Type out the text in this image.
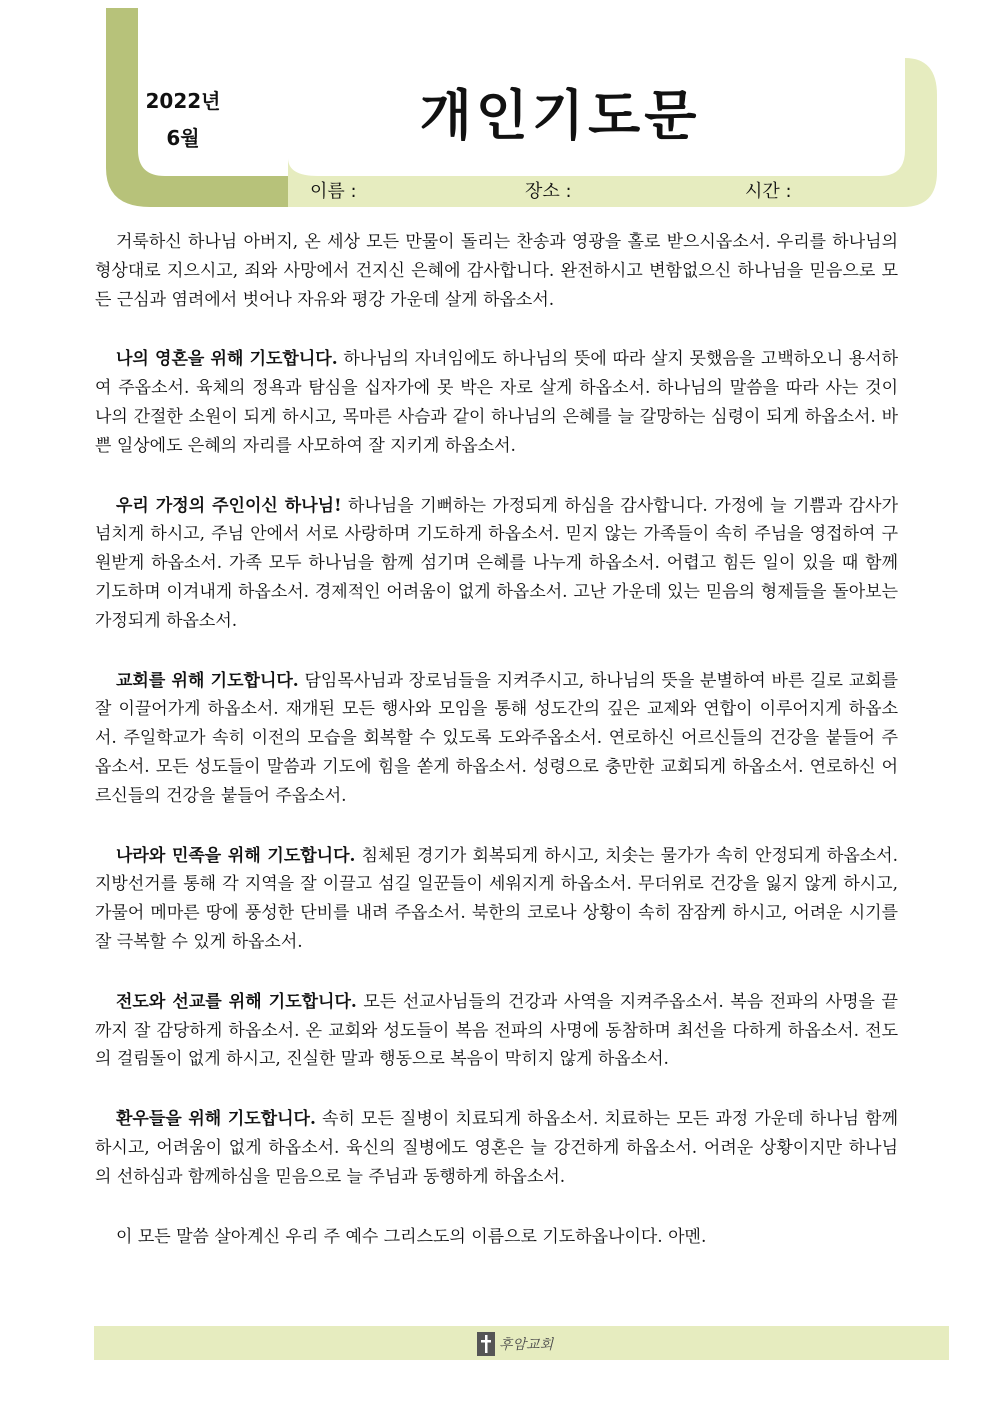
2022년
6월	개인기도문
이름 :	장소 :	시간 :

거룩하신 하나님 아버지, 온 세상 모든 만물이 돌리는 찬송과 영광을 홀로 받으시옵소서. 우리를 하나님의 형상대로 지으시고, 죄와 사망에서 건지신 은혜에 감사합니다. 완전하시고 변함없으신 하나님을 믿음으로 모든 근심과 염려에서 벗어나 자유와 평강 가운데 살게 하옵소서.

나의 영혼을 위해 기도합니다. 하나님의 자녀임에도 하나님의 뜻에 따라 살지 못했음을 고백하오니 용서하여 주옵소서. 육체의 정욕과 탐심을 십자가에 못 박은 자로 살게 하옵소서. 하나님의 말씀을 따라 사는 것이 나의 간절한 소원이 되게 하시고, 목마른 사슴과 같이 하나님의 은혜를 늘 갈망하는 심령이 되게 하옵소서. 바쁜 일상에도 은혜의 자리를 사모하여 잘 지키게 하옵소서.

우리 가정의 주인이신 하나님! 하나님을 기뻐하는 가정되게 하심을 감사합니다. 가정에 늘 기쁨과 감사가 넘치게 하시고, 주님 안에서 서로 사랑하며 기도하게 하옵소서. 믿지 않는 가족들이 속히 주님을 영접하여 구원받게 하옵소서. 가족 모두 하나님을 함께 섬기며 은혜를 나누게 하옵소서. 어렵고 힘든 일이 있을 때 함께 기도하며 이겨내게 하옵소서. 경제적인 어려움이 없게 하옵소서. 고난 가운데 있는 믿음의 형제들을 돌아보는 가정되게 하옵소서.

교회를 위해 기도합니다. 담임목사님과 장로님들을 지켜주시고, 하나님의 뜻을 분별하여 바른 길로 교회를 잘 이끌어가게 하옵소서. 재개된 모든 행사와 모임을 통해 성도간의 깊은 교제와 연합이 이루어지게 하옵소서. 주일학교가 속히 이전의 모습을 회복할 수 있도록 도와주옵소서. 연로하신 어르신들의 건강을 붙들어 주옵소서. 모든 성도들이 말씀과 기도에 힘을 쏟게 하옵소서. 성령으로 충만한 교회되게 하옵소서. 연로하신 어르신들의 건강을 붙들어 주옵소서.

나라와 민족을 위해 기도합니다. 침체된 경기가 회복되게 하시고, 치솟는 물가가 속히 안정되게 하옵소서. 지방선거를 통해 각 지역을 잘 이끌고 섬길 일꾼들이 세워지게 하옵소서. 무더위로 건강을 잃지 않게 하시고, 가물어 메마른 땅에 풍성한 단비를 내려 주옵소서. 북한의 코로나 상황이 속히 잠잠케 하시고, 어려운 시기를 잘 극복할 수 있게 하옵소서.

전도와 선교를 위해 기도합니다. 모든 선교사님들의 건강과 사역을 지켜주옵소서. 복음 전파의 사명을 끝까지 잘 감당하게 하옵소서. 온 교회와 성도들이 복음 전파의 사명에 동참하며 최선을 다하게 하옵소서. 전도의 걸림돌이 없게 하시고, 진실한 말과 행동으로 복음이 막히지 않게 하옵소서.

환우들을 위해 기도합니다. 속히 모든 질병이 치료되게 하옵소서. 치료하는 모든 과정 가운데 하나님 함께 하시고, 어려움이 없게 하옵소서. 육신의 질병에도 영혼은 늘 강건하게 하옵소서. 어려운 상황이지만 하나님의 선하심과 함께하심을 믿음으로 늘 주님과 동행하게 하옵소서.

이 모든 말씀 살아계신 우리 주 예수 그리스도의 이름으로 기도하옵나이다. 아멘.

후암교회
